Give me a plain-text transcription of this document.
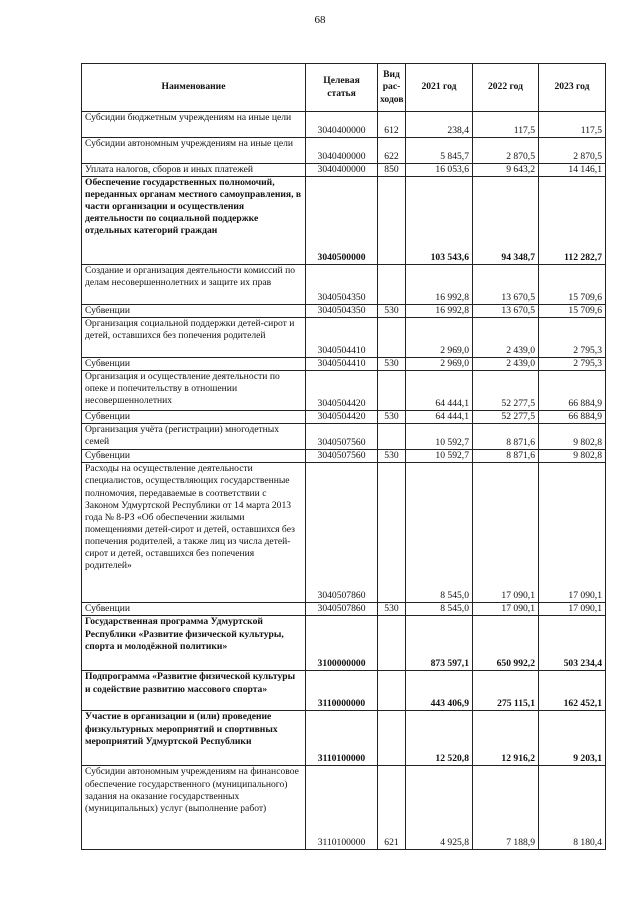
68
Наименование	Целевая статья	Вид рас-ходов	2021 год	2022 год	2023 год
Субсидии бюджетным учреждениям на иные цели	3040400000	612	238,4	117,5	117,5
Субсидии автономным учреждениям на иные цели	3040400000	622	5 845,7	2 870,5	2 870,5
Уплата налогов, сборов и иных платежей	3040400000	850	16 053,6	9 643,2	14 146,1
Обеспечение государственных полномочий, переданных органам местного самоуправления, в части организации и осуществления деятельности по социальной поддержке отдельных категорий граждан	3040500000		103 543,6	94 348,7	112 282,7
Создание и организация деятельности комиссий по делам несовершеннолетних и защите их прав	3040504350		16 992,8	13 670,5	15 709,6
Субвенции	3040504350	530	16 992,8	13 670,5	15 709,6
Организация социальной поддержки детей-сирот и детей, оставшихся без попечения родителей	3040504410		2 969,0	2 439,0	2 795,3
Субвенции	3040504410	530	2 969,0	2 439,0	2 795,3
Организация и осуществление деятельности по опеке и попечительству в отношении несовершеннолетних	3040504420		64 444,1	52 277,5	66 884,9
Субвенции	3040504420	530	64 444,1	52 277,5	66 884,9
Организация учёта (регистрации) многодетных семей	3040507560		10 592,7	8 871,6	9 802,8
Субвенции	3040507560	530	10 592,7	8 871,6	9 802,8
Расходы на осуществление деятельности специалистов, осуществляющих государственные полномочия, передаваемые в соответствии с Законом Удмуртской Республики от 14 марта 2013 года № 8-РЗ «Об обеспечении жилыми помещениями детей-сирот и детей, оставшихся без попечения родителей, а также лиц из числа детей-сирот и детей, оставшихся без попечения родителей»	3040507860		8 545,0	17 090,1	17 090,1
Субвенции	3040507860	530	8 545,0	17 090,1	17 090,1
Государственная программа Удмуртской Республики «Развитие физической культуры, спорта и молодёжной политики»	3100000000		873 597,1	650 992,2	503 234,4
Подпрограмма «Развитие физической культуры и содействие развитию массового спорта»	3110000000		443 406,9	275 115,1	162 452,1
Участие в организации и (или) проведение физкультурных мероприятий и спортивных мероприятий Удмуртской Республики	3110100000		12 520,8	12 916,2	9 203,1
Субсидии автономным учреждениям на финансовое обеспечение государственного (муниципального) задания на оказание государственных (муниципальных) услуг (выполнение работ)	3110100000	621	4 925,8	7 188,9	8 180,4
